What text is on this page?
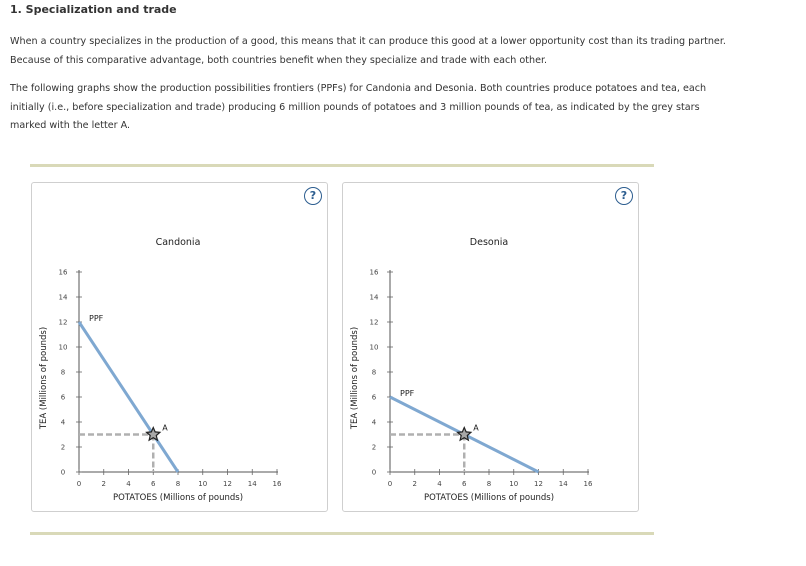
1. Specialization and trade
When a country specializes in the production of a good, this means that it can produce this good at a lower opportunity cost than its trading partner.
Because of this comparative advantage, both countries benefit when they specialize and trade with each other.
The following graphs show the production possibilities frontiers (PPFs) for Candonia and Desonia. Both countries produce potatoes and tea, each
initially (i.e., before specialization and trade) producing 6 million pounds of potatoes and 3 million pounds of tea, as indicated by the grey stars
marked with the letter A.
Candonia
0	2	4	6	8	10 12 14 16
0
2
4
6
8
10
12
14
16
POTATOES (Millions of pounds)
TEA (Millions of pounds)
PPF
A
?
Desonia
0	2	4	6	8	10 12 14 16
0
2
4
6
8
10
12
14
16
POTATOES (Millions of pounds)
TEA (Millions of pounds)	PPF
A
?
